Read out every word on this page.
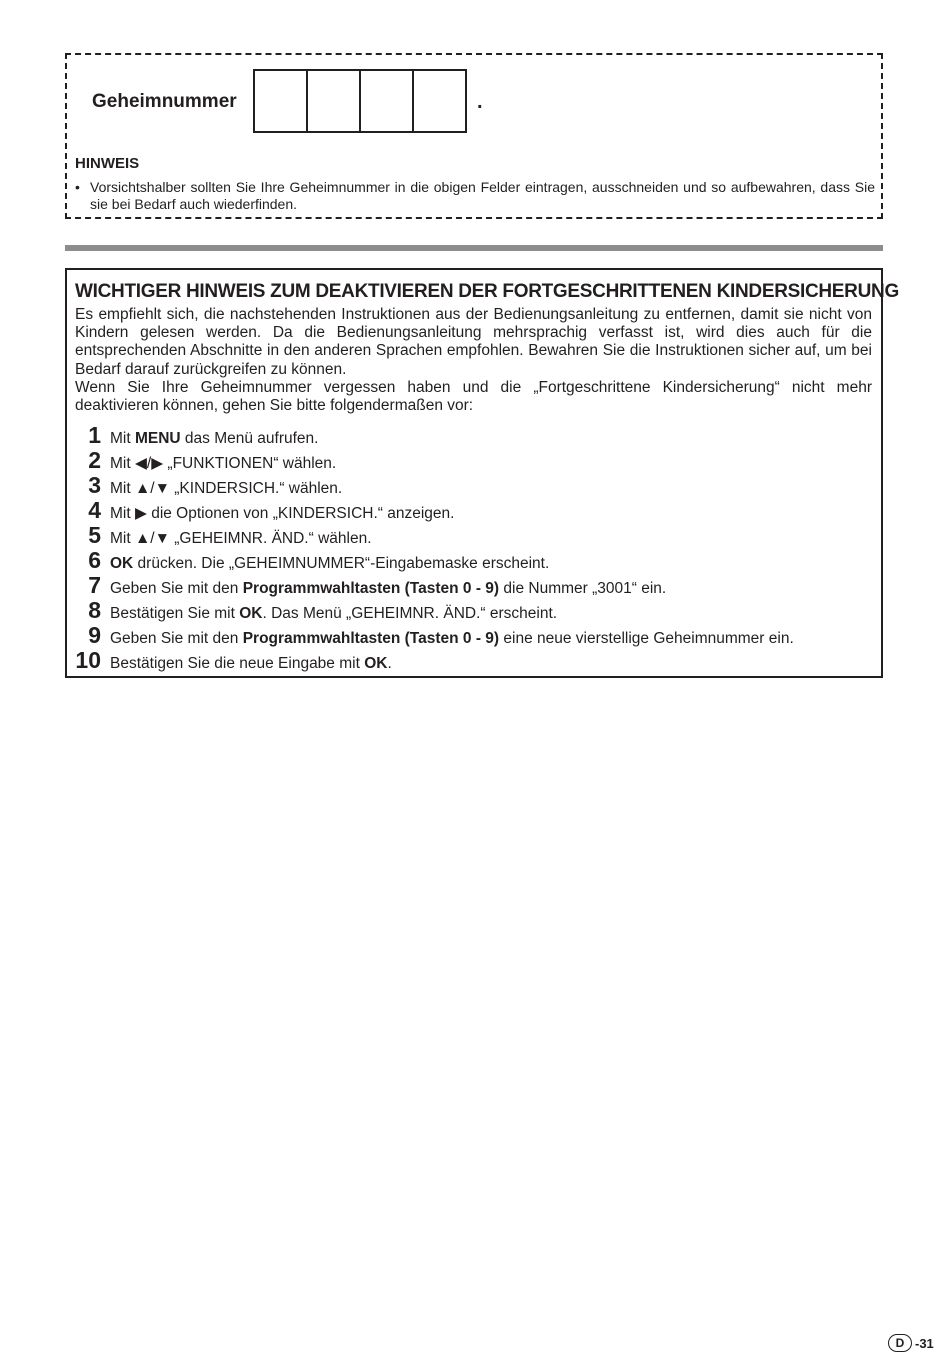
Geheimnummer	.
HINWEIS
• Vorsichtshalber sollten Sie Ihre Geheimnummer in die obigen Felder eintragen, ausschneiden und so aufbewahren, dass Sie sie bei Bedarf auch wiederfinden.
WICHTIGER HINWEIS ZUM DEAKTIVIEREN DER FORTGESCHRITTENEN KINDERSICHERUNG

Es empfiehlt sich, die nachstehenden Instruktionen aus der Bedienungsanleitung zu entfernen, damit sie nicht von Kindern gelesen werden. Da die Bedienungsanleitung mehrsprachig verfasst ist, wird dies auch für die entsprechenden Abschnitte in den anderen Sprachen empfohlen. Bewahren Sie die Instruktionen sicher auf, um bei Bedarf darauf zurückgreifen zu können.

Wenn Sie Ihre Geheimnummer vergessen haben und die „Fortgeschrittene Kindersicherung“ nicht mehr deaktivieren können, gehen Sie bitte folgendermaßen vor:

1 Mit MENU das Menü aufrufen.
2 Mit ◀/▶ „FUNKTIONEN“ wählen.
3 Mit ▲/▼ „KINDERSICH.“ wählen.
4 Mit ▶ die Optionen von „KINDERSICH.“ anzeigen.
5 Mit ▲/▼ „GEHEIMNR. ÄND.“ wählen.
6 OK drücken. Die „GEHEIMNUMMER“-Eingabemaske erscheint.
7 Geben Sie mit den Programmwahltasten (Tasten 0 - 9) die Nummer „3001“ ein.
8 Bestätigen Sie mit OK. Das Menü „GEHEIMNR. ÄND.“ erscheint.
9 Geben Sie mit den Programmwahltasten (Tasten 0 - 9) eine neue vierstellige Geheimnummer ein.
10 Bestätigen Sie die neue Eingabe mit OK.
D -31
